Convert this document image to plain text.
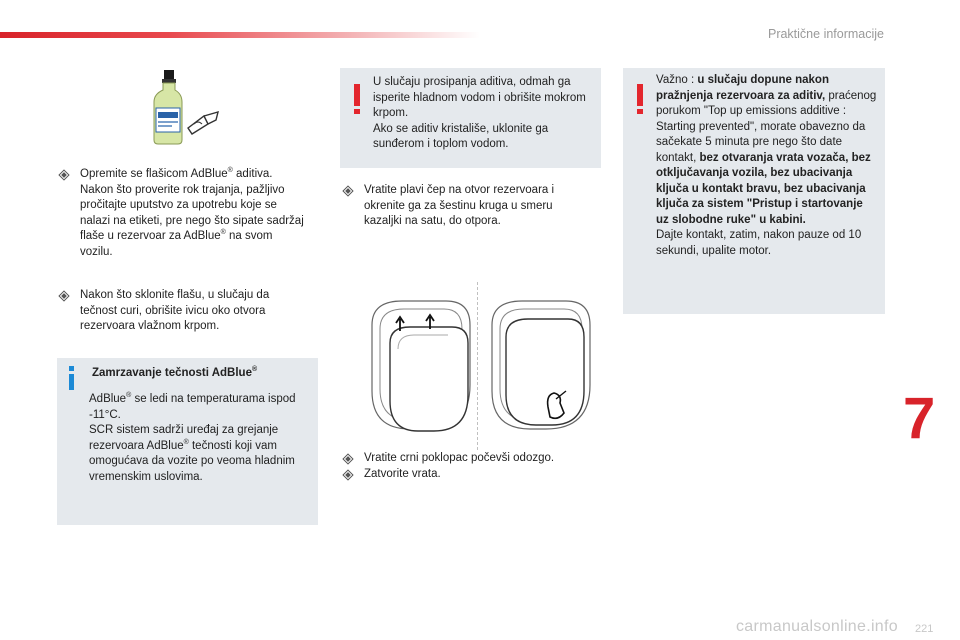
Praktične informacije
Opremite se flašicom AdBlue® aditiva. Nakon što proverite rok trajanja, pažljivo pročitajte uputstvo za upotrebu koje se nalazi na etiketi, pre nego što sipate sadržaj flaše u rezervoar za AdBlue® na svom vozilu.
Nakon što sklonite flašu, u slučaju da tečnost curi, obrišite ivicu oko otvora rezervoara vlažnom krpom.
Zamrzavanje tečnosti AdBlue®
AdBlue® se ledi na temperaturama ispod -11°C.
SCR sistem sadrži uređaj za grejanje rezervoara AdBlue® tečnosti koji vam omogućava da vozite po veoma hladnim vremenskim uslovima.
U slučaju prosipanja aditiva, odmah ga isperite hladnom vodom i obrišite mokrom krpom.
Ako se aditiv kristališe, uklonite ga sunđerom i toplom vodom.
Vratite plavi čep na otvor rezervoara i okrenite ga za šestinu kruga u smeru kazaljki na satu, do otpora.
Vratite crni poklopac počevši odozgo.
Zatvorite vrata.
Važno : u slučaju dopune nakon pražnjenja rezervoara za aditiv, praćenog porukom "Top up emissions additive : Starting prevented", morate obavezno da sačekate 5 minuta pre nego što date kontakt, bez otvaranja vrata vozača, bez otključavanja vozila, bez ubacivanja ključa u kontakt bravu, bez ubacivanja ključa za sistem "Pristup i startovanje uz slobodne ruke" u kabini.
Dajte kontakt, zatim, nakon pauze od 10 sekundi, upalite motor.
7
carmanualsonline.info 221
